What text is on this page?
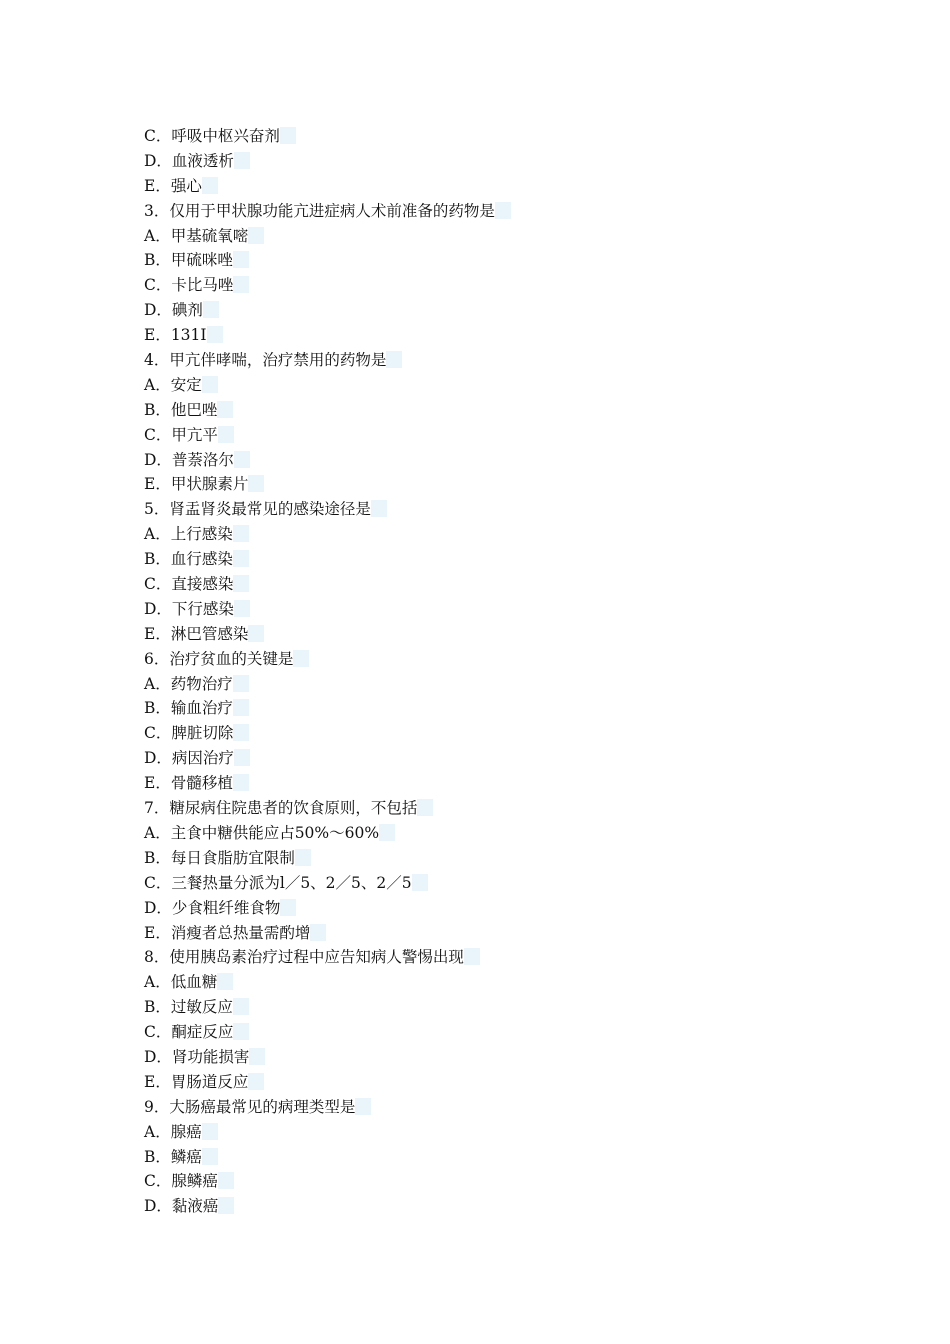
C．呼吸中枢兴奋剂
D．血液透析
E．强心
3．仅用于甲状腺功能亢进症病人术前准备的药物是
A．甲基硫氧嘧
B．甲硫咪唑
C．卡比马唑
D．碘剂
E．131I
4．甲亢伴哮喘，治疗禁用的药物是
A．安定
B．他巴唑
C．甲亢平
D．普萘洛尔
E．甲状腺素片
5．肾盂肾炎最常见的感染途径是
A．上行感染
B．血行感染
C．直接感染
D．下行感染
E．淋巴管感染
6．治疗贫血的关键是
A．药物治疗
B．输血治疗
C．脾脏切除
D．病因治疗
E．骨髓移植
7．糖尿病住院患者的饮食原则，不包括
A．主食中糖供能应占50%～60%
B．每日食脂肪宜限制
C．三餐热量分派为l／5、2／5、2／5
D．少食粗纤维食物
E．消瘦者总热量需酌增
8．使用胰岛素治疗过程中应告知病人警惕出现
A．低血糖
B．过敏反应
C．酮症反应
D．肾功能损害
E．胃肠道反应
9．大肠癌最常见的病理类型是
A．腺癌
B．鳞癌
C．腺鳞癌
D．黏液癌
